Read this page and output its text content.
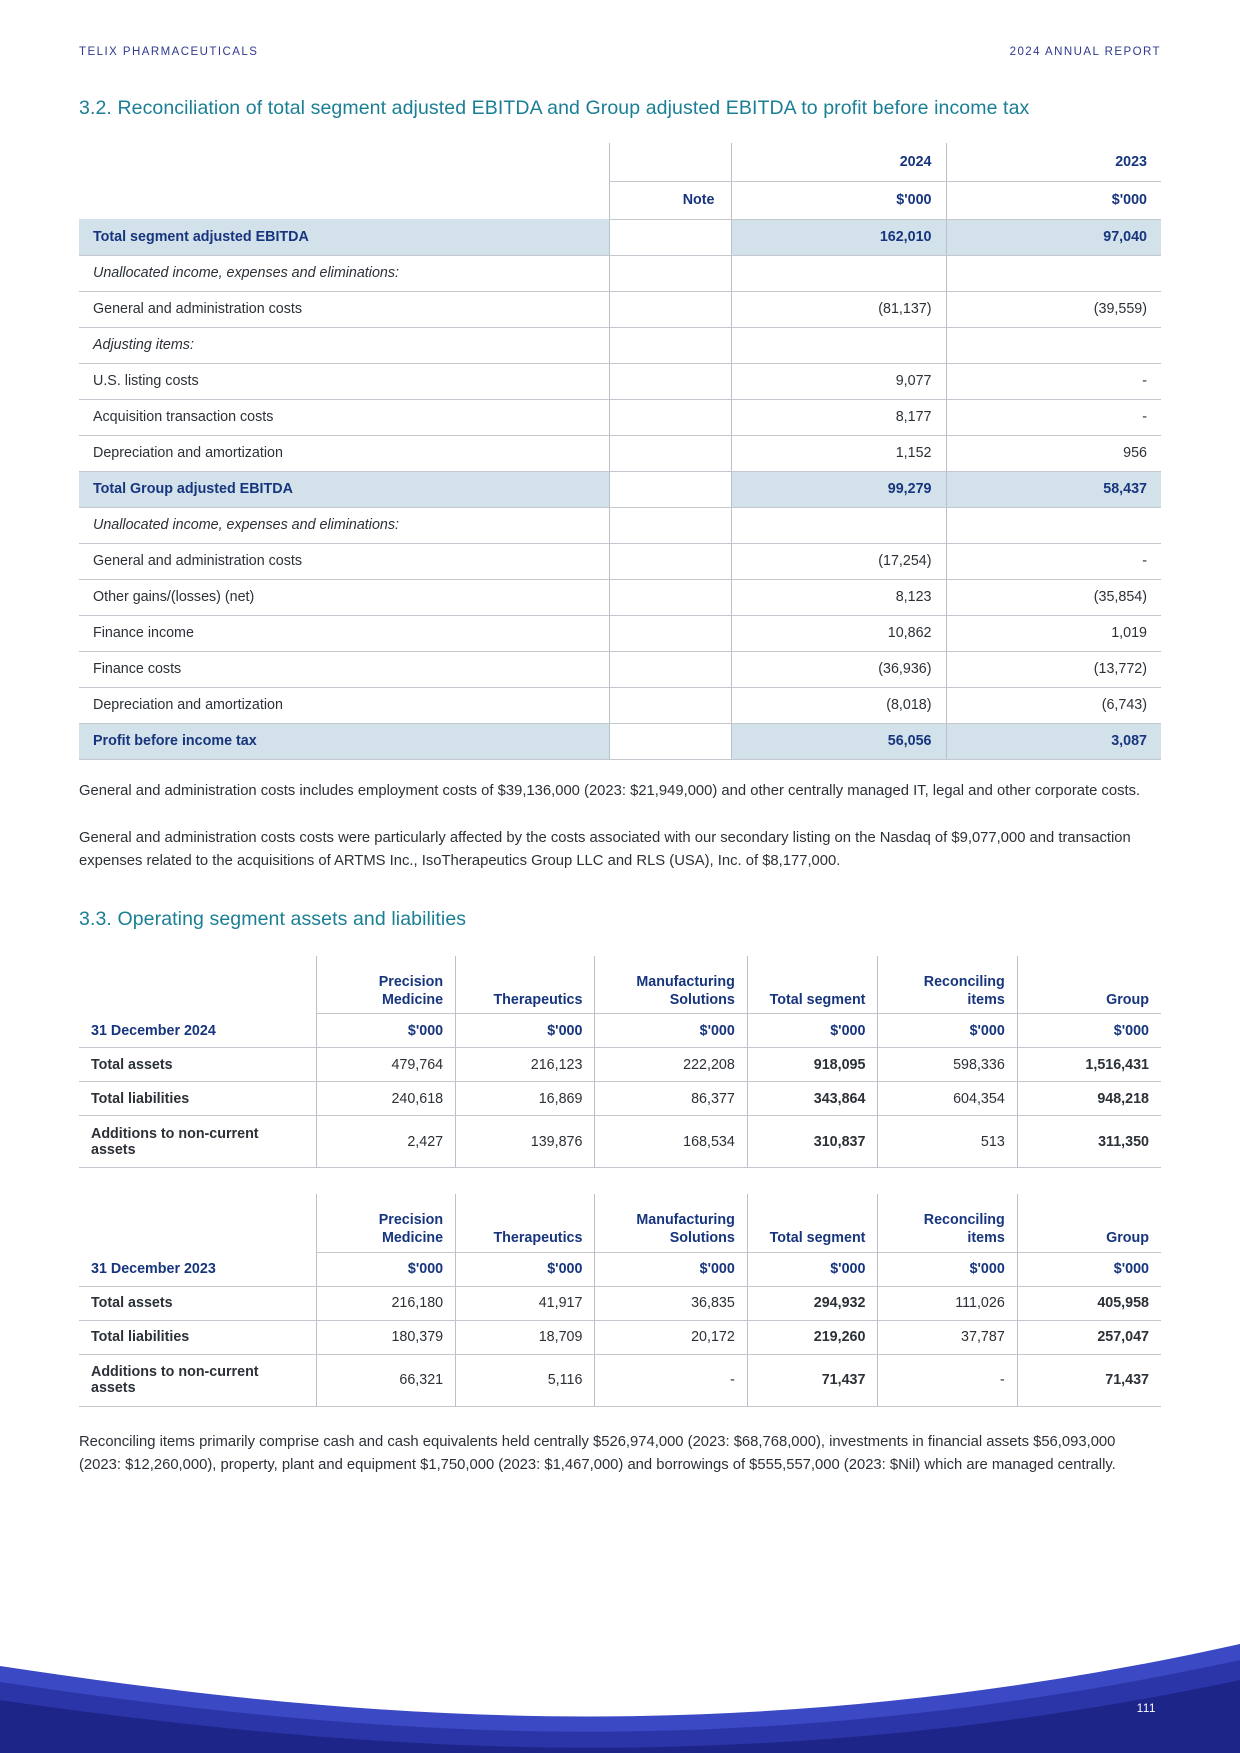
TELIX PHARMACEUTICALS	2024 ANNUAL REPORT
3.2. Reconciliation of total segment adjusted EBITDA and Group adjusted EBITDA to profit before income tax
		2024	2023
	Note	$'000	$'000
Total segment adjusted EBITDA		162,010	97,040
Unallocated income, expenses and eliminations:			
General and administration costs		(81,137)	(39,559)
Adjusting items:			
U.S. listing costs		9,077	-
Acquisition transaction costs		8,177	-
Depreciation and amortization		1,152	956
Total Group adjusted EBITDA		99,279	58,437
Unallocated income, expenses and eliminations:			
General and administration costs		(17,254)	-
Other gains/(losses) (net)		8,123	(35,854)
Finance income		10,862	1,019
Finance costs		(36,936)	(13,772)
Depreciation and amortization		(8,018)	(6,743)
Profit before income tax		56,056	3,087

General and administration costs includes employment costs of $39,136,000 (2023: $21,949,000) and other centrally managed IT, legal and other corporate costs.

General and administration costs costs were particularly affected by the costs associated with our secondary listing on the Nasdaq of $9,077,000 and transaction expenses related to the acquisitions of ARTMS Inc., IsoTherapeutics Group LLC and RLS (USA), Inc. of $8,177,000.

3.3. Operating segment assets and liabilities
	Precision Medicine	Therapeutics	Manufacturing Solutions	Total segment	Reconciling items	Group
31 December 2024	$'000	$'000	$'000	$'000	$'000	$'000
Total assets	479,764	216,123	222,208	918,095	598,336	1,516,431
Total liabilities	240,618	16,869	86,377	343,864	604,354	948,218
Additions to non-current assets	2,427	139,876	168,534	310,837	513	311,350
	Precision Medicine	Therapeutics	Manufacturing Solutions	Total segment	Reconciling items	Group
31 December 2023	$'000	$'000	$'000	$'000	$'000	$'000
Total assets	216,180	41,917	36,835	294,932	111,026	405,958
Total liabilities	180,379	18,709	20,172	219,260	37,787	257,047
Additions to non-current assets	66,321	5,116	-	71,437	-	71,437

Reconciling items primarily comprise cash and cash equivalents held centrally $526,974,000 (2023: $68,768,000), investments in financial assets $56,093,000 (2023: $12,260,000), property, plant and equipment $1,750,000 (2023: $1,467,000) and borrowings of $555,557,000 (2023: $Nil) which are managed centrally.

111
